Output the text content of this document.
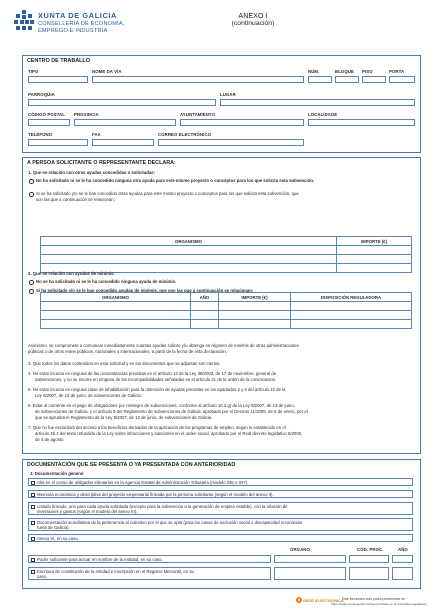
XUNTA DE GALICIA
CONSELLERÍA DE ECONOMÍA,
EMPREGO E INDUSTRIA
ANEXO I
(continuación)
CENTRO DE TRABALLO
TIPO	NOME DA VÍA	NÚM.	BLOQUE PISO	PORTA
PARROQUIA	LUGAR
CÓDIGO POSTAL PROVINCIA	AYUNTAMIENTO	LOCALIDADE
TELÉFONO	FAX	CORREO ELECTRÓNICO
A PERSOA SOLICITANTE O REPRESENTANTE DECLARA:
1. Que en relación con otras ayudas concedidas o solicitadas:
No ha solicitado ni se le ha concedido ninguna otra ayuda para este mismo proyecto o conceptos para los que solicita esta subvención.
Si se ha solicitado y/o se le han concedido otras ayudas para este mismo proyecto o conceptos para los que solicita esta subvención, que
son las que a continuación se relacionan:
ORGANISMO	IMPORTE (€)

2. Que en relación con ayudas de minimis:
No se ha solicitado ni se le ha concedido ninguna ayuda de minimis.
Si ha solicitado y/o se le han concedido ayudas de minimis, que son las que a continuación se relacionan:
ORGANISMO	AÑO	IMPORTE (€)	DISPOSICIÓN REGULADORA

Asimismo, se compromete a comunicar inmediatamente cuantas ayudas solicite y/u obtenga en régimen de minimis de otras administraciones
públicas o de otros entes públicos, nacionales o internacionales, a partir de la fecha de esta declaración.
3. Que todos los datos contenidos en esta solicitud y en los documentos que se adjuntan son ciertos.
4. No estar incursa en ninguna de las circunstancias previstas en el artículo 13 de la Ley 38/2003, de 17 de noviembre, general de
subvenciones, y no se incurre en ninguna de las incompatibilidades señaladas en el artículo 21 de la orden de la convocatoria.
5. No estar incursa en ninguna clase de inhabilitación para la obtención de ayudas previstas en los apartados 2 y 3 del artículo 10 de la
Ley 9/2007, de 13 de junio, de subvenciones de Galicia.
6. Estar al corriente en el pago de obligaciones por reintegro de subvenciones, conforme al artículo 10.2.g) de la Ley 9/2007, de 13 de junio,
de subvenciones de Galicia, y el artículo 9 del Reglamento de subvenciones de Galicia, aprobado por el Decreto 11/2009, de 8 de enero, por el
que se aprueba el Reglamento de la Ley 9/2007, de 13 de junio, de subvenciones de Galicia.
7. Que no fue excluído/a del acceso a los beneficios derivados de la aplicación de los programas de empleo, según lo establecido en el
artículo 46.2 del texto refundido de la Ley sobre infracciones y sanciones en el orden social, aprobado por el Real decreto legislativo 5/2000,
de 4 de agosto.
DOCUMENTACIÓN QUE SE PRESENTA O YA PRESENTADA CON ANTERIORIDAD
1. Documentación general
Alta en el censo de obligados tributarios en la Agencia Estatal de Administración Tributaria (modelo 036 o 037).
Memoria económica y descriptiva del proyecto empresarial firmada por la persona solicitante (según el modelo del anexo II).
Listado firmado, uno para cada ayuda solicitada (excepto para la subvención a la generación de empleo estable), con la relación de
inversiones y gastos (según el modelo del anexo III).
Documentación acreditativa de la pertenencia al colectivo por el que se opta (para los casos de exclusión social o discapacidad reconocida
fuera de Galicia).
Anexo VI, en su caso.
ÓRGANO	CÓD. PROC.	AÑO
Poder suficiente para actuar en nombre de la entidad, en su caso.
Escritura de constitución de la entidad e inscripción en el Registro Mercantil, en su
caso.
SEDE ELECTRÓNICA
Este formulario sólo podrá presentarse en
https://sede.xunta.gal las formas previstas en la normativa reguladora
